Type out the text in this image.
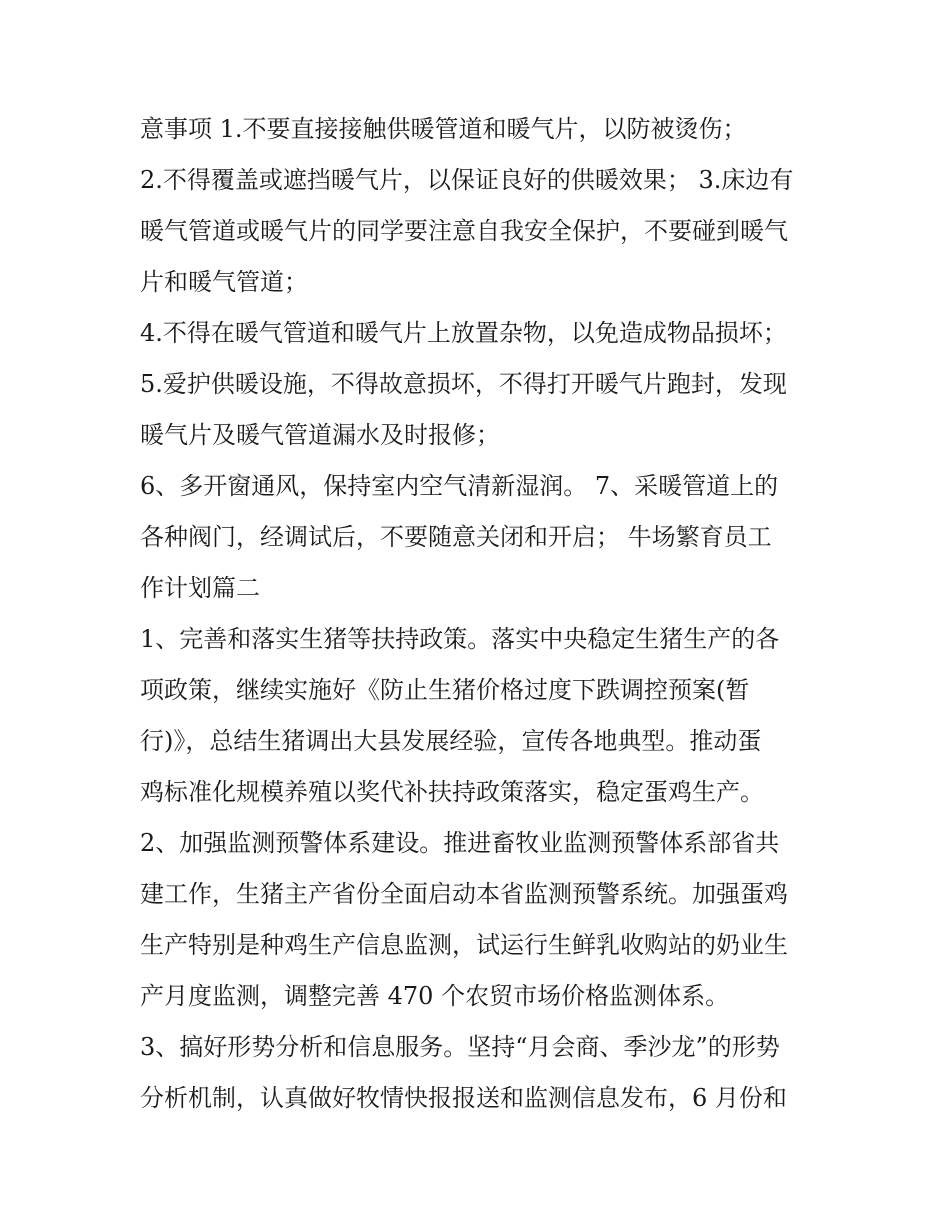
意事项 1.不要直接接触供暖管道和暖气片，以防被烫伤；
2.不得覆盖或遮挡暖气片，以保证良好的供暖效果； 3.床边有
暖气管道或暖气片的同学要注意自我安全保护，不要碰到暖气
片和暖气管道；
4.不得在暖气管道和暖气片上放置杂物，以免造成物品损坏；
5.爱护供暖设施，不得故意损坏，不得打开暖气片跑封，发现
暖气片及暖气管道漏水及时报修；
6、多开窗通风，保持室内空气清新湿润。 7、采暖管道上的
各种阀门，经调试后，不要随意关闭和开启； 牛场繁育员工
作计划篇二
1、完善和落实生猪等扶持政策。落实中央稳定生猪生产的各
项政策，继续实施好《防止生猪价格过度下跌调控预案(暂
行)》，总结生猪调出大县发展经验，宣传各地典型。推动蛋
鸡标准化规模养殖以奖代补扶持政策落实，稳定蛋鸡生产。
2、加强监测预警体系建设。推进畜牧业监测预警体系部省共
建工作，生猪主产省份全面启动本省监测预警系统。加强蛋鸡
生产特别是种鸡生产信息监测，试运行生鲜乳收购站的奶业生
产月度监测，调整完善 470 个农贸市场价格监测体系。
3、搞好形势分析和信息服务。坚持“月会商、季沙龙”的形势
分析机制，认真做好牧情快报报送和监测信息发布，6 月份和
